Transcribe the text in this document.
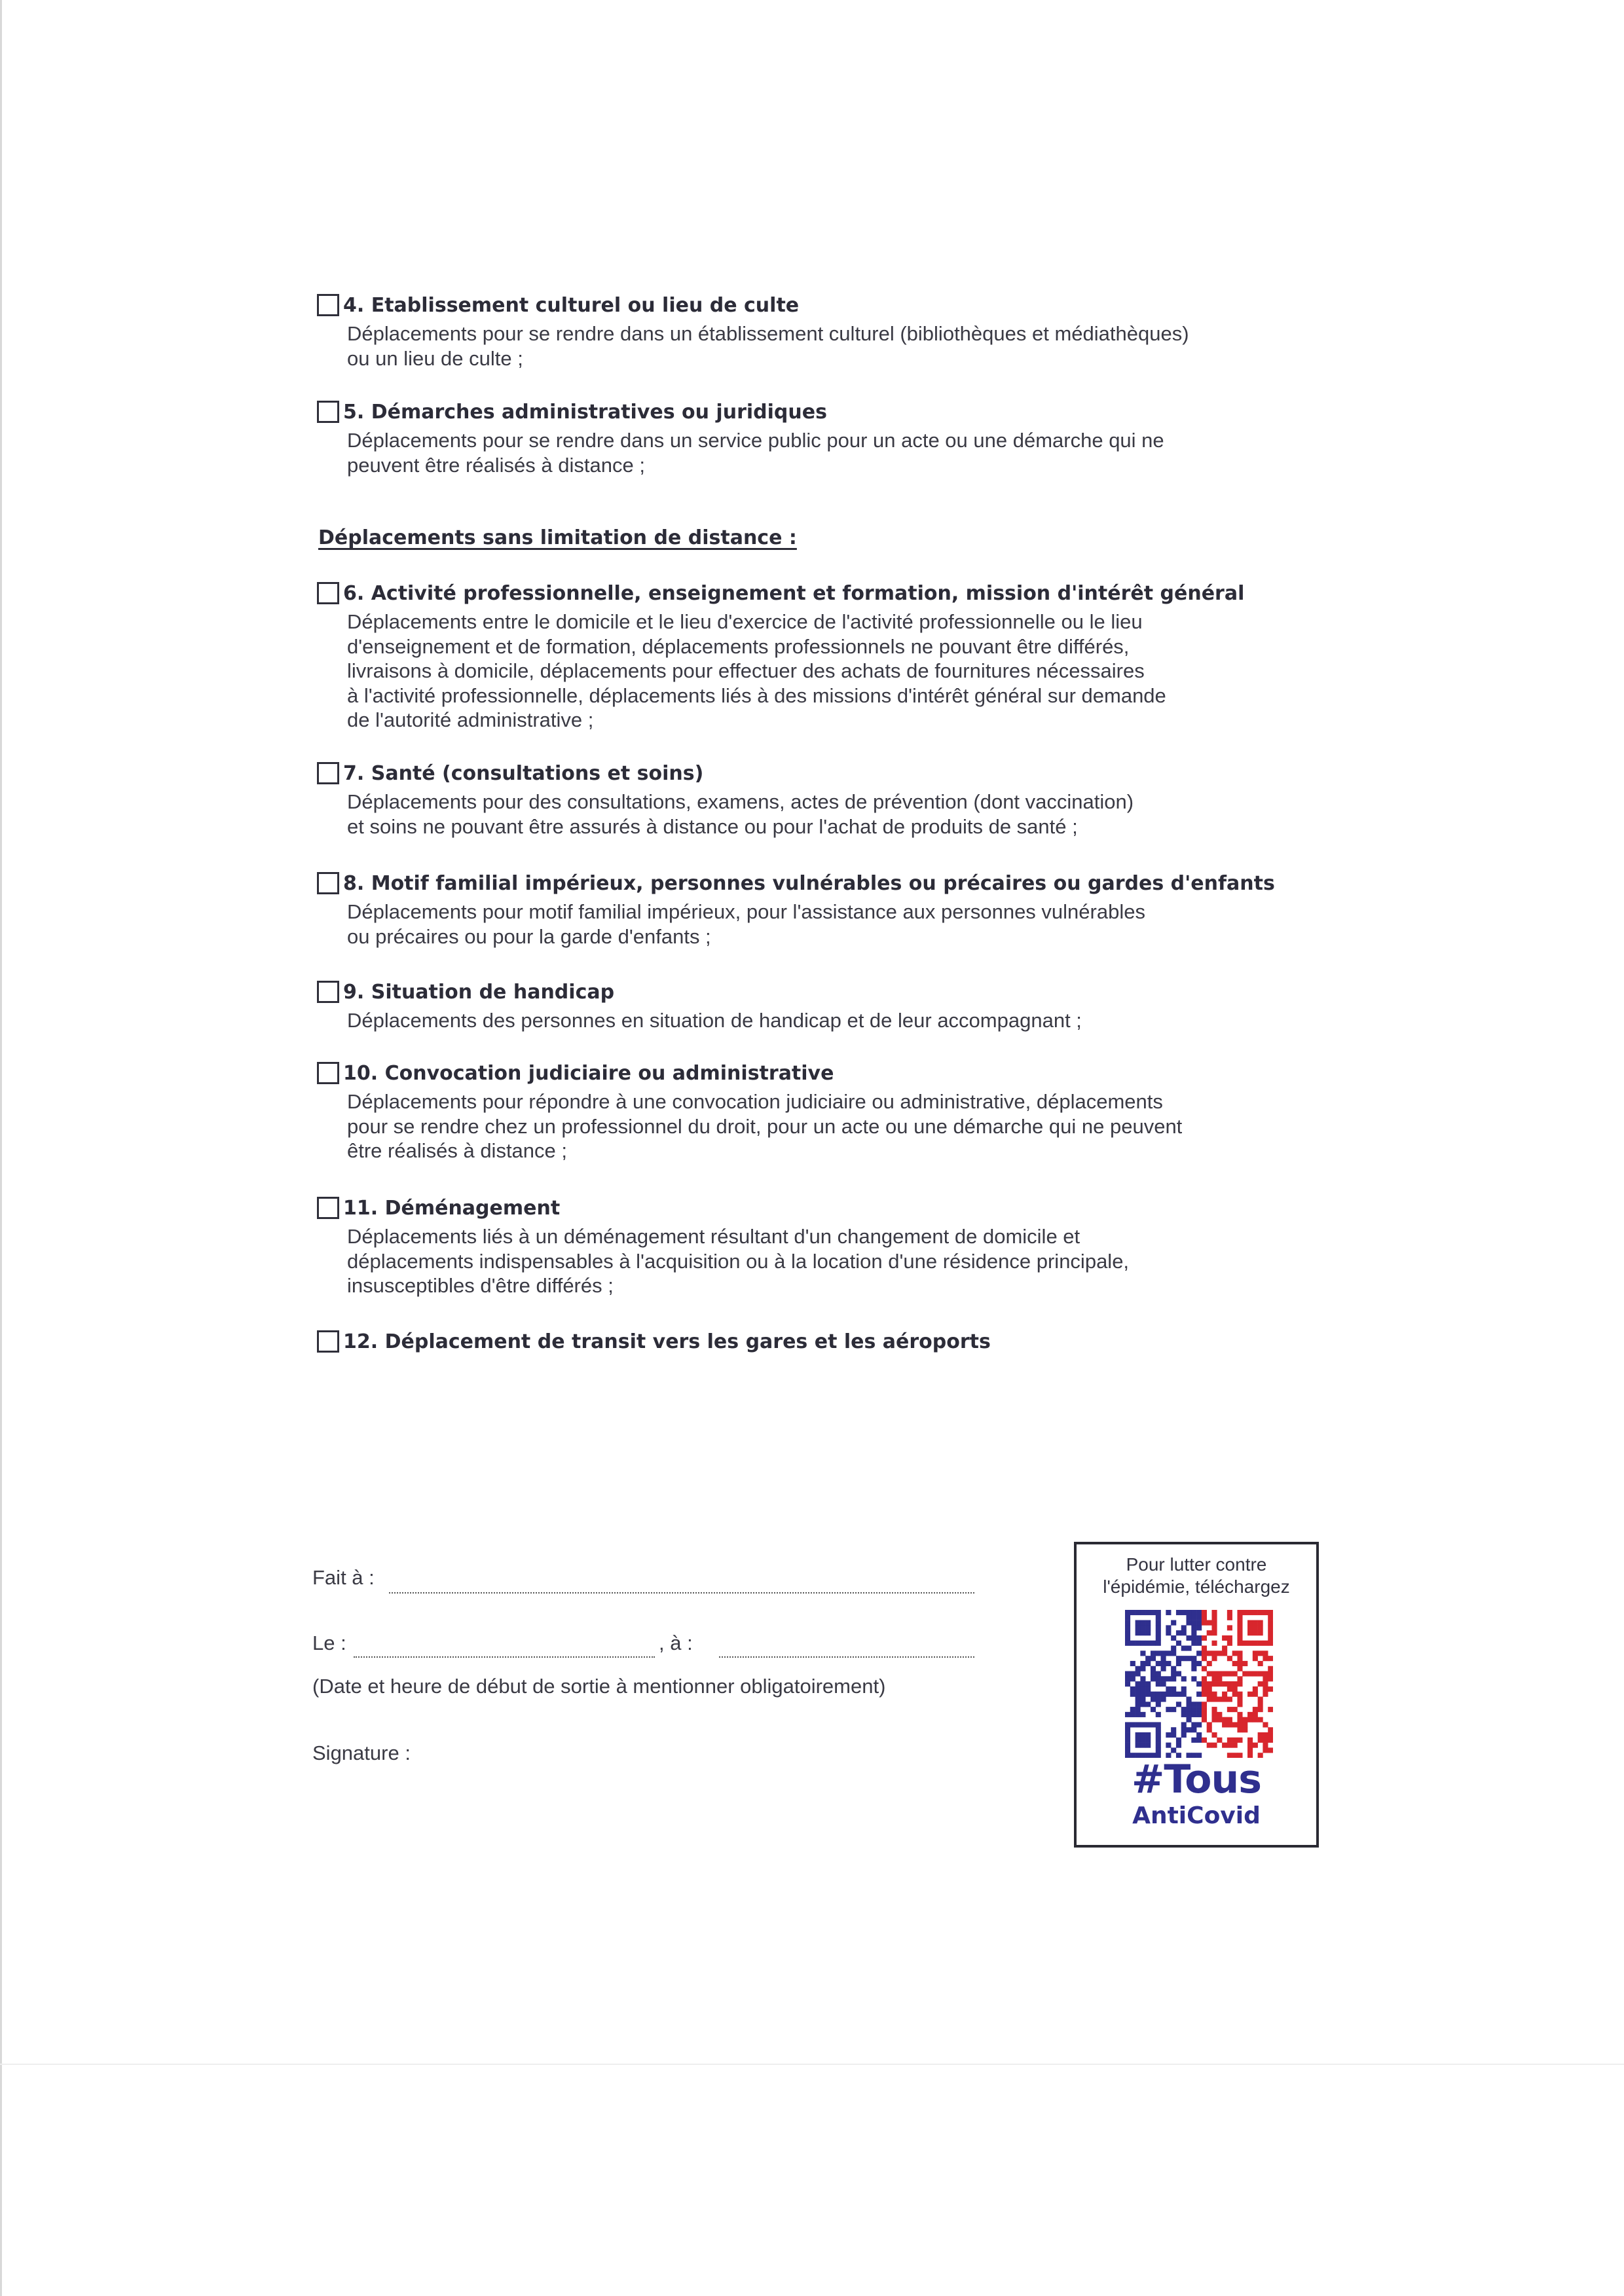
4. Etablissement culturel ou lieu de culte
Déplacements pour se rendre dans un établissement culturel (bibliothèques et médiathèques)
ou un lieu de culte ;
5. Démarches administratives ou juridiques
Déplacements pour se rendre dans un service public pour un acte ou une démarche qui ne
peuvent être réalisés à distance ;
Déplacements sans limitation de distance :
6. Activité professionnelle, enseignement et formation, mission d'intérêt général
Déplacements entre le domicile et le lieu d'exercice de l'activité professionnelle ou le lieu
d'enseignement et de formation, déplacements professionnels ne pouvant être différés,
livraisons à domicile, déplacements pour effectuer des achats de fournitures nécessaires
à l'activité professionnelle, déplacements liés à des missions d'intérêt général sur demande
de l'autorité administrative ;
7. Santé (consultations et soins)
Déplacements pour des consultations, examens, actes de prévention (dont vaccination)
et soins ne pouvant être assurés à distance ou pour l'achat de produits de santé ;
8. Motif familial impérieux, personnes vulnérables ou précaires ou gardes d'enfants
Déplacements pour motif familial impérieux, pour l'assistance aux personnes vulnérables
ou précaires ou pour la garde d'enfants ;
9. Situation de handicap
Déplacements des personnes en situation de handicap et de leur accompagnant ;
10. Convocation judiciaire ou administrative
Déplacements pour répondre à une convocation judiciaire ou administrative, déplacements
pour se rendre chez un professionnel du droit, pour un acte ou une démarche qui ne peuvent
être réalisés à distance ;
11. Déménagement
Déplacements liés à un déménagement résultant d'un changement de domicile et
déplacements indispensables à l'acquisition ou à la location d'une résidence principale,
insusceptibles d'être différés ;
12. Déplacement de transit vers les gares et les aéroports
Fait à :
Le :	, à :
(Date et heure de début de sortie à mentionner obligatoirement)
Signature :
Pour lutter contre
l'épidémie, téléchargez
#Tous
AntiCovid
